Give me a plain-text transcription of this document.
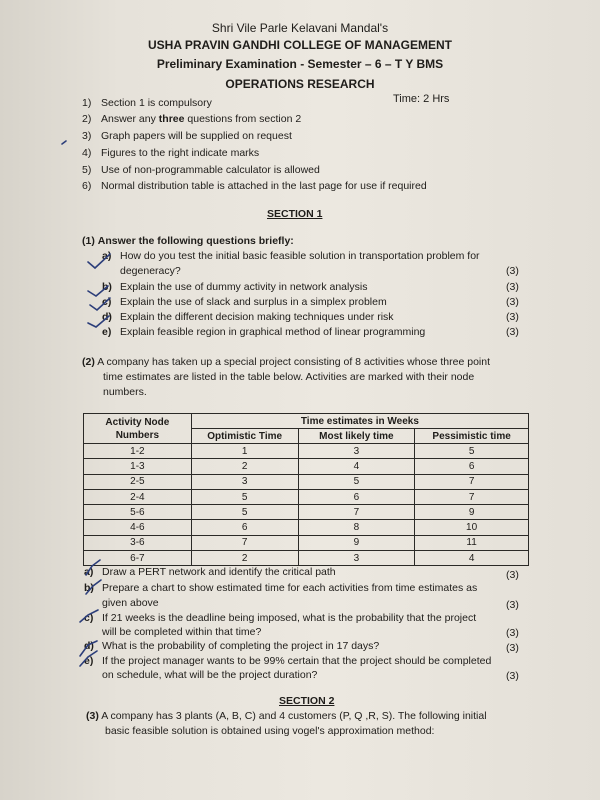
Shri Vile Parle Kelavani Mandal's
USHA PRAVIN GANDHI COLLEGE OF MANAGEMENT
Preliminary Examination - Semester – 6 – T Y BMS
OPERATIONS RESEARCH
Time: 2 Hrs
1) Section 1 is compulsory
2) Answer any three questions from section 2
3) Graph papers will be supplied on request
4) Figures to the right indicate marks
5) Use of non-programmable calculator is allowed
6) Normal distribution table is attached in the last page for use if required
SECTION 1
(1) Answer the following questions briefly:
a) How do you test the initial basic feasible solution in transportation problem for
degeneracy?	(3)
b) Explain the use of dummy activity in network analysis	(3)
c) Explain the use of slack and surplus in a simplex problem	(3)
d) Explain the different decision making techniques under risk	(3)
e) Explain feasible region in graphical method of linear programming	(3)
(2) A company has taken up a special project consisting of 8 activities whose three point
time estimates are listed in the table below. Activities are marked with their node
numbers.
Activity Node
Numbers	Time estimates in Weeks		
	Optimistic Time	Most likely time	Pessimistic time
1-2	1	3	5
1-3	2	4	6
2-5	3	5	7
2-4	5	6	7
5-6	5	7	9
4-6	6	8	10
3-6	7	9	11
6-7	2	3	4
a) Draw a PERT network and identify the critical path	(3)
b) Prepare a chart to show estimated time for each activities from time estimates as
given above	(3)
c) If 21 weeks is the deadline being imposed, what is the probability that the project
will be completed within that time?	(3)
d) What is the probability of completing the project in 17 days?	(3)
e) If the project manager wants to be 99% certain that the project should be completed
on schedule, what will be the project duration?	(3)
SECTION 2
(3) A company has 3 plants (A, B, C) and 4 customers (P, Q ,R, S). The following initial
basic feasible solution is obtained using vogel's approximation method:
